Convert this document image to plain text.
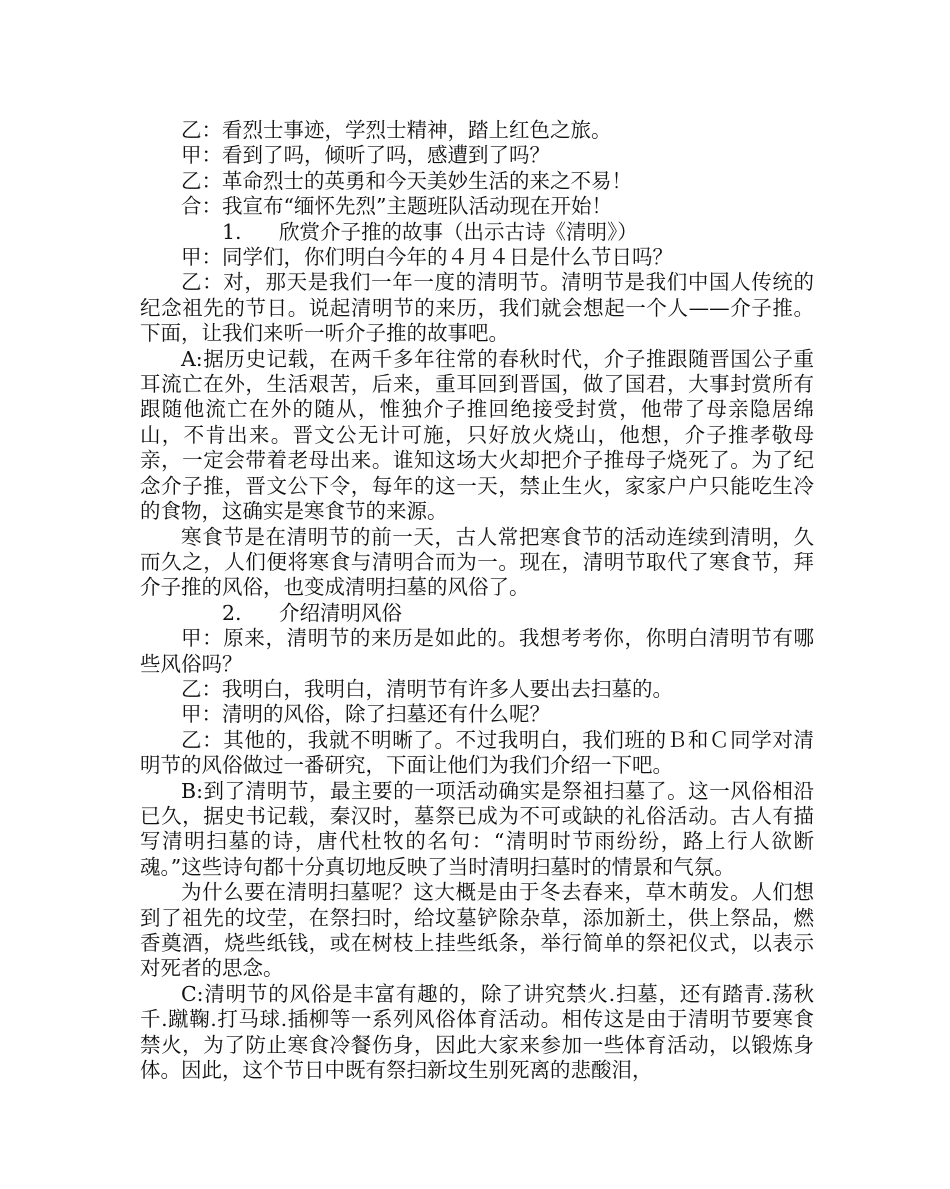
乙：看烈士事迹，学烈士精神，踏上红色之旅。

甲：看到了吗，倾听了吗，感遭到了吗？

乙：革命烈士的英勇和今天美妙生活的来之不易！

合：我宣布“缅怀先烈”主题班队活动现在开始！

1. 欣赏介子推的故事（出示古诗《清明》）

甲：同学们，你们明白今年的４月４日是什么节日吗？

乙：对，那天是我们一年一度的清明节。清明节是我们中国人传统的纪念祖先的节日。说起清明节的来历，我们就会想起一个人——介子推。下面，让我们来听一听介子推的故事吧。

A:据历史记载，在两千多年往常的春秋时代，介子推跟随晋国公子重耳流亡在外，生活艰苦，后来，重耳回到晋国，做了国君，大事封赏所有跟随他流亡在外的随从，惟独介子推回绝接受封赏，他带了母亲隐居绵山，不肯出来。晋文公无计可施，只好放火烧山，他想，介子推孝敬母亲，一定会带着老母出来。谁知这场大火却把介子推母子烧死了。为了纪念介子推，晋文公下令，每年的这一天，禁止生火，家家户户只能吃生冷的食物，这确实是寒食节的来源。

寒食节是在清明节的前一天，古人常把寒食节的活动连续到清明，久而久之，人们便将寒食与清明合而为一。现在，清明节取代了寒食节，拜介子推的风俗，也变成清明扫墓的风俗了。

2. 介绍清明风俗

甲：原来，清明节的来历是如此的。我想考考你，你明白清明节有哪些风俗吗？

乙：我明白，我明白，清明节有许多人要出去扫墓的。

甲：清明的风俗，除了扫墓还有什么呢？

乙：其他的，我就不明晰了。不过我明白，我们班的Ｂ和Ｃ同学对清明节的风俗做过一番研究，下面让他们为我们介绍一下吧。

B:到了清明节，最主要的一项活动确实是祭祖扫墓了。这一风俗相沿已久，据史书记载，秦汉时，墓祭已成为不可或缺的礼俗活动。古人有描写清明扫墓的诗，唐代杜牧的名句：“清明时节雨纷纷，路上行人欲断魂。”这些诗句都十分真切地反映了当时清明扫墓时的情景和气氛。

为什么要在清明扫墓呢？这大概是由于冬去春来，草木萌发。人们想到了祖先的坟茔，在祭扫时，给坟墓铲除杂草，添加新土，供上祭品，燃香奠酒，烧些纸钱，或在树枝上挂些纸条，举行简单的祭祀仪式，以表示对死者的思念。

C:清明节的风俗是丰富有趣的，除了讲究禁火.扫墓，还有踏青.荡秋千.蹴鞠.打马球.插柳等一系列风俗体育活动。相传这是由于清明节要寒食禁火，为了防止寒食冷餐伤身，因此大家来参加一些体育活动，以锻炼身体。因此，这个节日中既有祭扫新坟生别死离的悲酸泪，
